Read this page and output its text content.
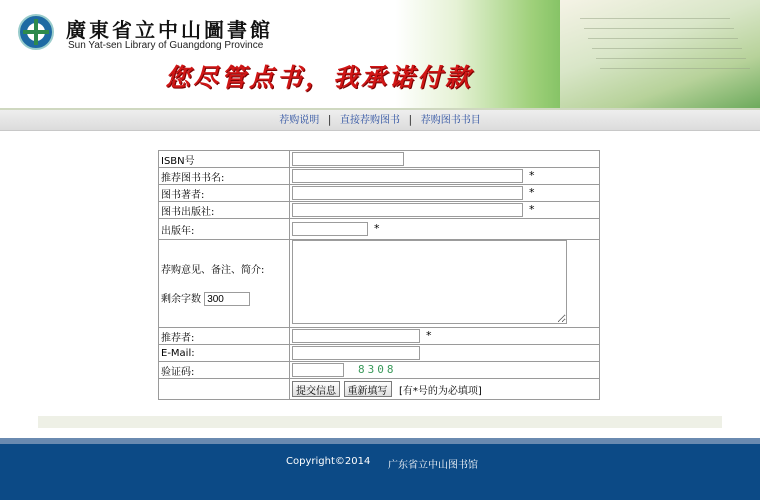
廣東省立中山圖書館
Sun Yat-sen Library of Guangdong Province
您尽管点书，我承诺付款
荐购说明 | 直接荐购图书 | 荐购图书书目
ISBN号	
推荐图书书名:	*
图书著者:	*
图书出版社:	*
出版年:	*

荐购意见、备注、简介:
剩余字数 300

推荐者:	*
E-Mail:	
验证码:	8308
	提交信息 重新填写 [有*号的为必填项]
Copyright©2014 广东省立中山图书馆
